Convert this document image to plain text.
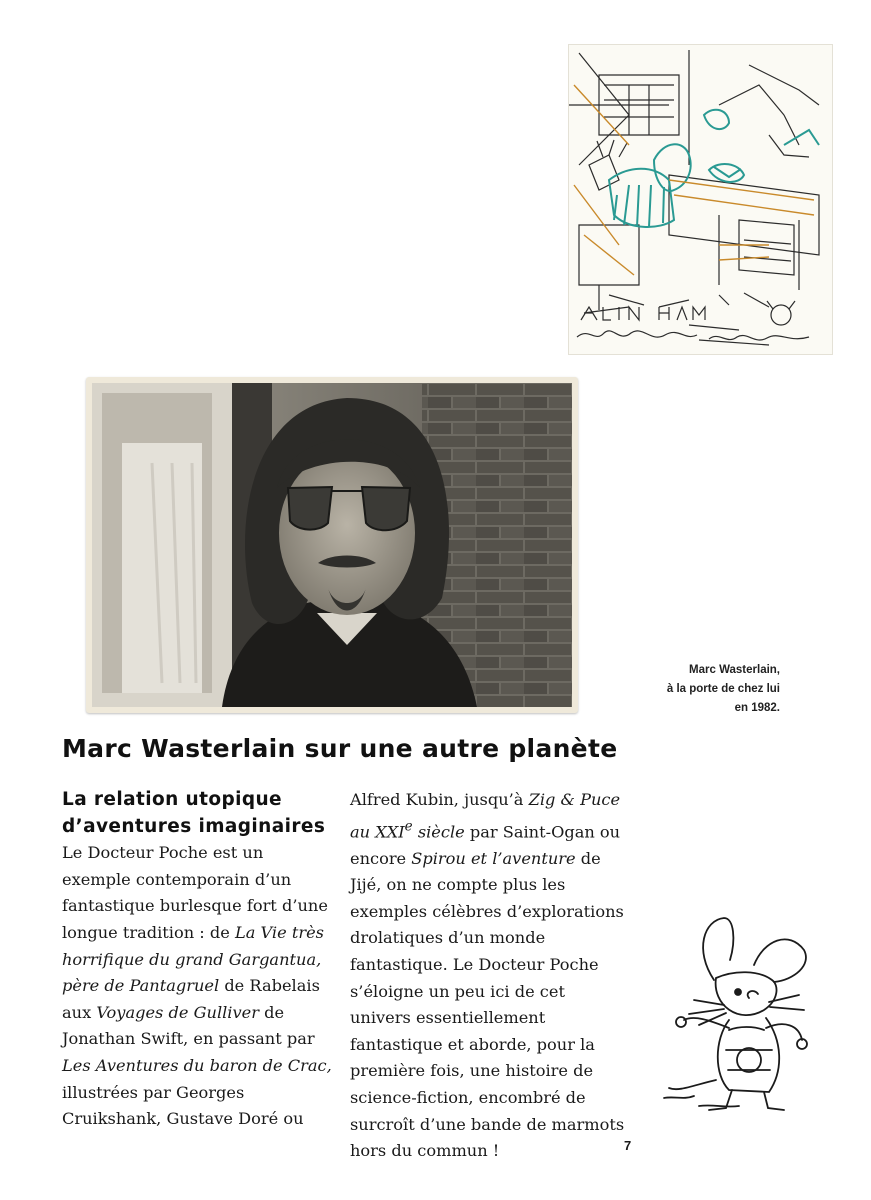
Marc Wasterlain,
à la porte de chez lui
en 1982.
Marc Wasterlain sur une autre planète
La relation utopique
d’aventures imaginaires

Le Docteur Poche est un exemple contemporain d’un fantastique burlesque fort d’une longue tradition : de La Vie très horrifique du grand Gargantua, père de Pantagruel de Rabelais aux Voyages de Gulliver de Jonathan Swift, en passant par Les Aventures du baron de Crac, illustrées par Georges Cruikshank, Gustave Doré ou

Alfred Kubin, jusqu’à Zig & Puce au XXIe siècle par Saint-Ogan ou encore Spirou et l’aventure de Jijé, on ne compte plus les exemples célèbres d’explorations drolatiques d’un monde fantastique. Le Docteur Poche s’éloigne un peu ici de cet univers essentiellement fantastique et aborde, pour la première fois, une histoire de science-fiction, encombré de surcroît d’une bande de marmots hors du commun !	7
